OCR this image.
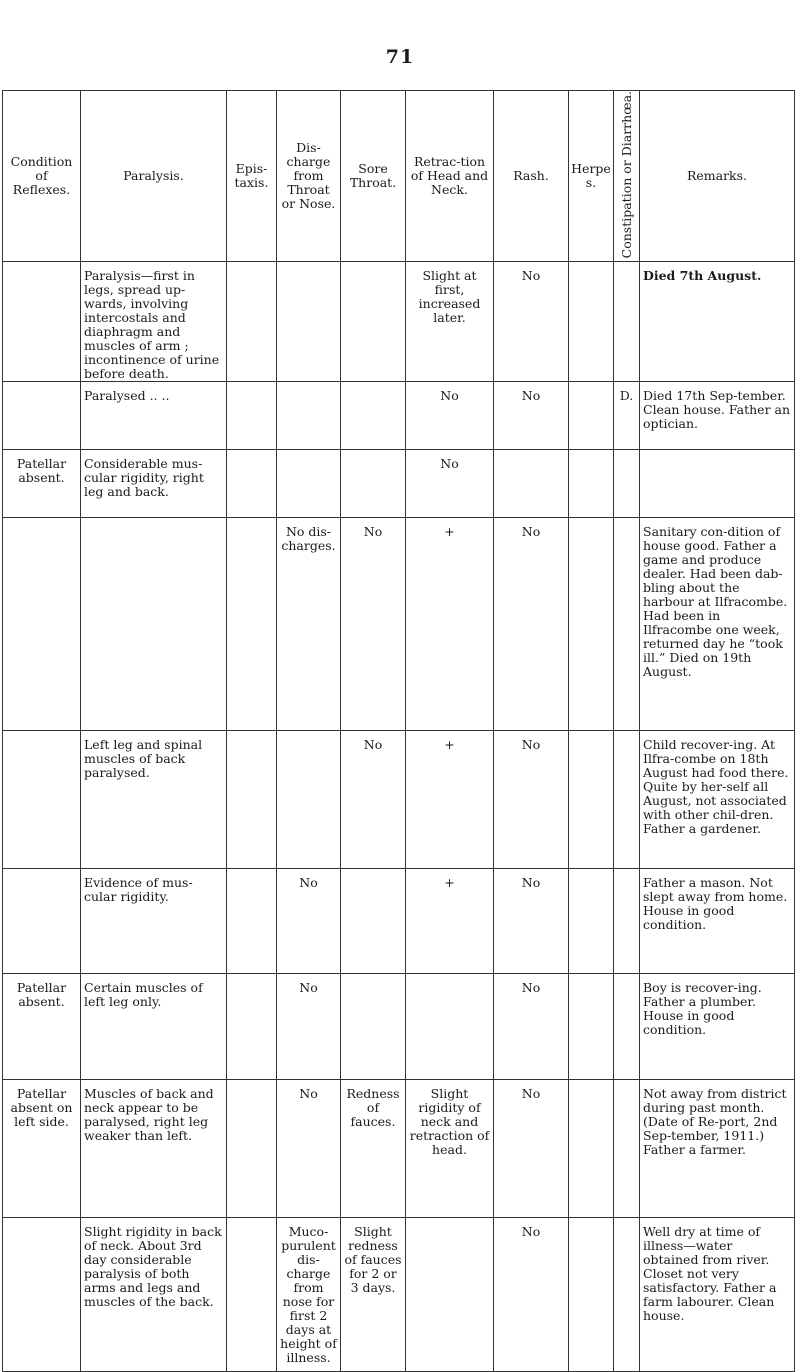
71
Condition of Reflexes.	Paralysis.	Epis-taxis.	Dis-charge from Throat or Nose.	Sore Throat.	Retrac-tion of Head and Neck.	Rash.	Herpes.	Constipation or Diarrhœa.	Remarks.
	Paralysis—first in legs, spread up-wards, involving intercostals and diaphragm and muscles of arm ; incontinence of urine before death.				Slight at first, increased later.	No			Died 7th August.
	Paralysed .. ..				No	No		D.	Died 17th Sep-tember. Clean house. Father an optician.
Patellar absent.	Considerable mus-cular rigidity, right leg and back.				No				
			No dis-charges.	No	+	No			Sanitary con-dition of house good. Father a game and produce dealer. Had been dab-bling about the harbour at Ilfracombe. Had been in Ilfracombe one week, returned day he “took ill.” Died on 19th August.
	Left leg and spinal muscles of back paralysed.			No	+	No			Child recover-ing. At Ilfra-combe on 18th August had food there. Quite by her-self all August, not associated with other chil-dren. Father a gardener.
	Evidence of mus-cular rigidity.		No		+	No			Father a mason. Not slept away from home. House in good condition.
Patellar absent.	Certain muscles of left leg only.		No			No			Boy is recover-ing. Father a plumber. House in good condition.
Patellar absent on left side.	Muscles of back and neck appear to be paralysed, right leg weaker than left.		No	Redness of fauces.	Slight rigidity of neck and retraction of head.	No			Not away from district during past month. (Date of Re-port, 2nd Sep-tember, 1911.) Father a farmer.
	Slight rigidity in back of neck. About 3rd day considerable paralysis of both arms and legs and muscles of the back.		Muco-purulent dis-charge from nose for first 2 days at height of illness.	Slight redness of fauces for 2 or 3 days.		No			Well dry at time of illness—water obtained from river. Closet not very satisfactory. Father a farm labourer. Clean house.
